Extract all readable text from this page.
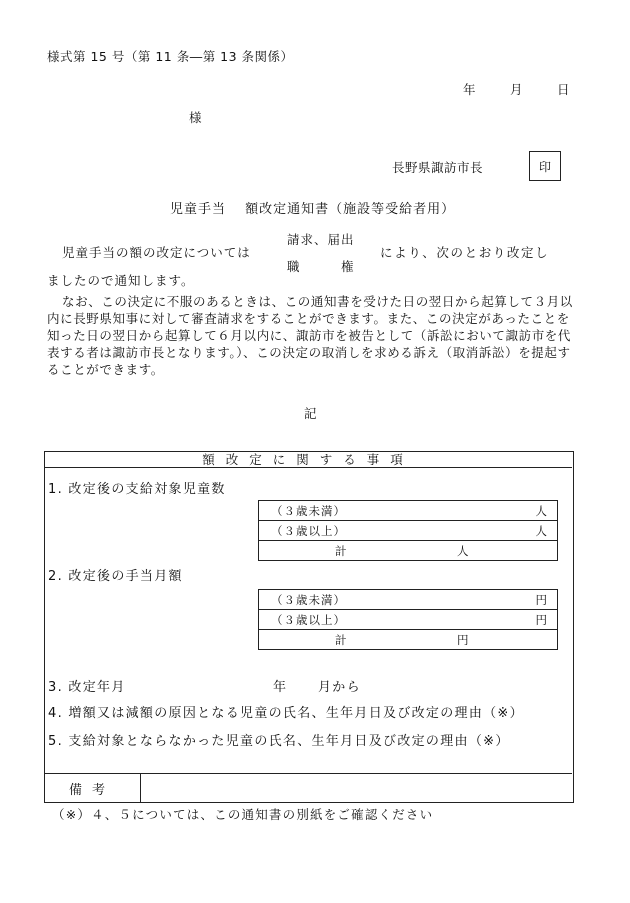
様式第 15 号（第 11 条―第 13 条関係）
年	月	日
様
長野県諏訪市長	印
児童手当　 額改定通知書（施設等受給者用）
児童手当の額の改定については
請求、届出
職　　　権
により、次のとおり改定し
ましたので通知します。
なお、この決定に不服のあるときは、この通知書を受けた日の翌日から起算して３月以内に長野県知事に対して審査請求をすることができます。また、この決定があったことを知った日の翌日から起算して６月以内に、諏訪市を被告として（訴訟において諏訪市を代表する者は諏訪市長となります。）、この決定の取消しを求める訴え（取消訴訟）を提起することができます。
記
額改定に関する事項
1. 改定後の支給対象児童数
（３歳未満）	人
（３歳以上）	人
計	人
2. 改定後の手当月額
（３歳未満）	円
（３歳以上）	円
計	円
3. 改定年月	年 月から
4. 増額又は減額の原因となる児童の氏名、生年月日及び改定の理由（※）
5. 支給対象とならなかった児童の氏名、生年月日及び改定の理由（※）
備考
（※）４、５については、この通知書の別紙をご確認ください
